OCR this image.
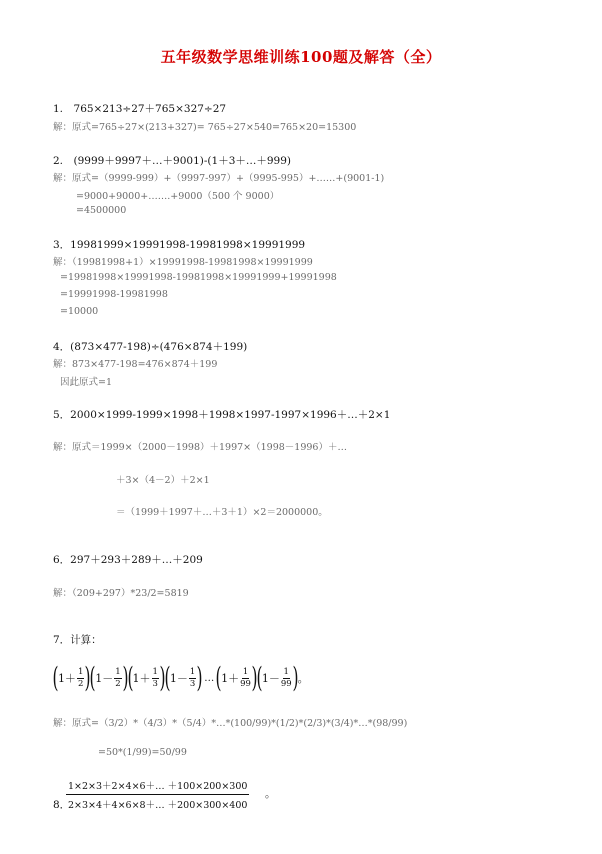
五年级数学思维训练100题及解答（全）
1.　765×213÷27＋765×327÷27
解：原式=765÷27×(213+327)= 765÷27×540=765×20=15300
2.　(9999＋9997＋…＋9001)-(1＋3＋…＋999)
解：原式=（9999-999）+（9997-997）+（9995-995）+……+(9001-1)
=9000+9000+…….+9000（500 个 9000）
=4500000
3．19981999×19991998-19981998×19991999
解：（19981998+1）×19991998-19981998×19991999
=19981998×19991998-19981998×19991999+19991998
=19991998-19981998
=10000
4．(873×477-198)÷(476×874＋199)
解：873×477-198=476×874＋199
因此原式=1
5．2000×1999-1999×1998＋1998×1997-1997×1996＋…＋2×1
解：原式＝1999×（2000－1998）＋1997×（1998－1996）＋…
＋3×（4－2）＋2×1
＝（1999＋1997＋…＋3＋1）×2＝2000000。
6．297＋293＋289＋…＋209
解：（209+297）*23/2=5819
7．计算：
( $1+ \frac{1}{2}$ )
( $1- \frac{1}{2}$ )
( $1+ \frac{1}{3}$ )
( $1- \frac{1}{3}$ ) … ( $1+ \frac{1}{99}$ )
( $1- \frac{1}{99}$ ) 。
解：原式=（3/2）*（4/3）*（5/4）*…*(100/99)*(1/2)*(2/3)*(3/4)*…*(98/99)
=50*(1/99)=50/99
$\frac{1\times 2\times 3+2\times 4\times 6+\dots +100\times 200\times 300}{2\times 3\times 4+4\times 6\times 8+\dots +200\times 300\times 400}$ 。
8．
